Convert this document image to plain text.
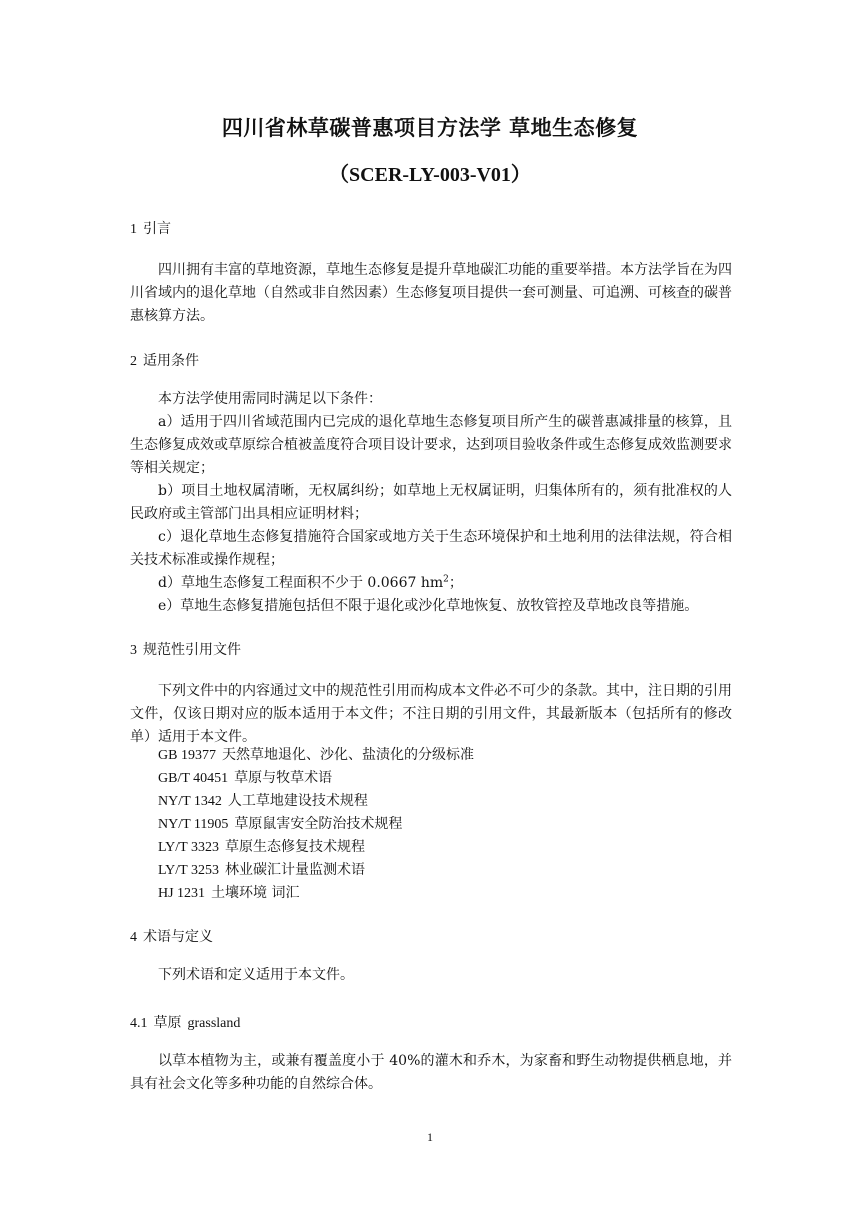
四川省林草碳普惠项目方法学 草地生态修复

（SCER-LY-003-V01）

1 引言

四川拥有丰富的草地资源，草地生态修复是提升草地碳汇功能的重要举措。本方法学旨在为四川省域内的退化草地（自然或非自然因素）生态修复项目提供一套可测量、可追溯、可核查的碳普惠核算方法。

2 适用条件

本方法学使用需同时满足以下条件：

a）适用于四川省域范围内已完成的退化草地生态修复项目所产生的碳普惠减排量的核算，且生态修复成效或草原综合植被盖度符合项目设计要求，达到项目验收条件或生态修复成效监测要求等相关规定；

b）项目土地权属清晰，无权属纠纷；如草地上无权属证明，归集体所有的，须有批准权的人民政府或主管部门出具相应证明材料；

c）退化草地生态修复措施符合国家或地方关于生态环境保护和土地利用的法律法规，符合相关技术标准或操作规程；

d）草地生态修复工程面积不少于 0.0667 $hm^2$；

e）草地生态修复措施包括但不限于退化或沙化草地恢复、放牧管控及草地改良等措施。

3 规范性引用文件

下列文件中的内容通过文中的规范性引用而构成本文件必不可少的条款。其中，注日期的引用文件，仅该日期对应的版本适用于本文件；不注日期的引用文件，其最新版本（包括所有的修改单）适用于本文件。

GB 19377 天然草地退化、沙化、盐渍化的分级标准

GB/T 40451 草原与牧草术语

NY/T 1342 人工草地建设技术规程

NY/T 11905 草原鼠害安全防治技术规程

LY/T 3323 草原生态修复技术规程

LY/T 3253 林业碳汇计量监测术语

HJ 1231 土壤环境 词汇

4 术语与定义

下列术语和定义适用于本文件。

4.1 草原 grassland

以草本植物为主，或兼有覆盖度小于 40%的灌木和乔木，为家畜和野生动物提供栖息地，并具有社会文化等多种功能的自然综合体。

1
